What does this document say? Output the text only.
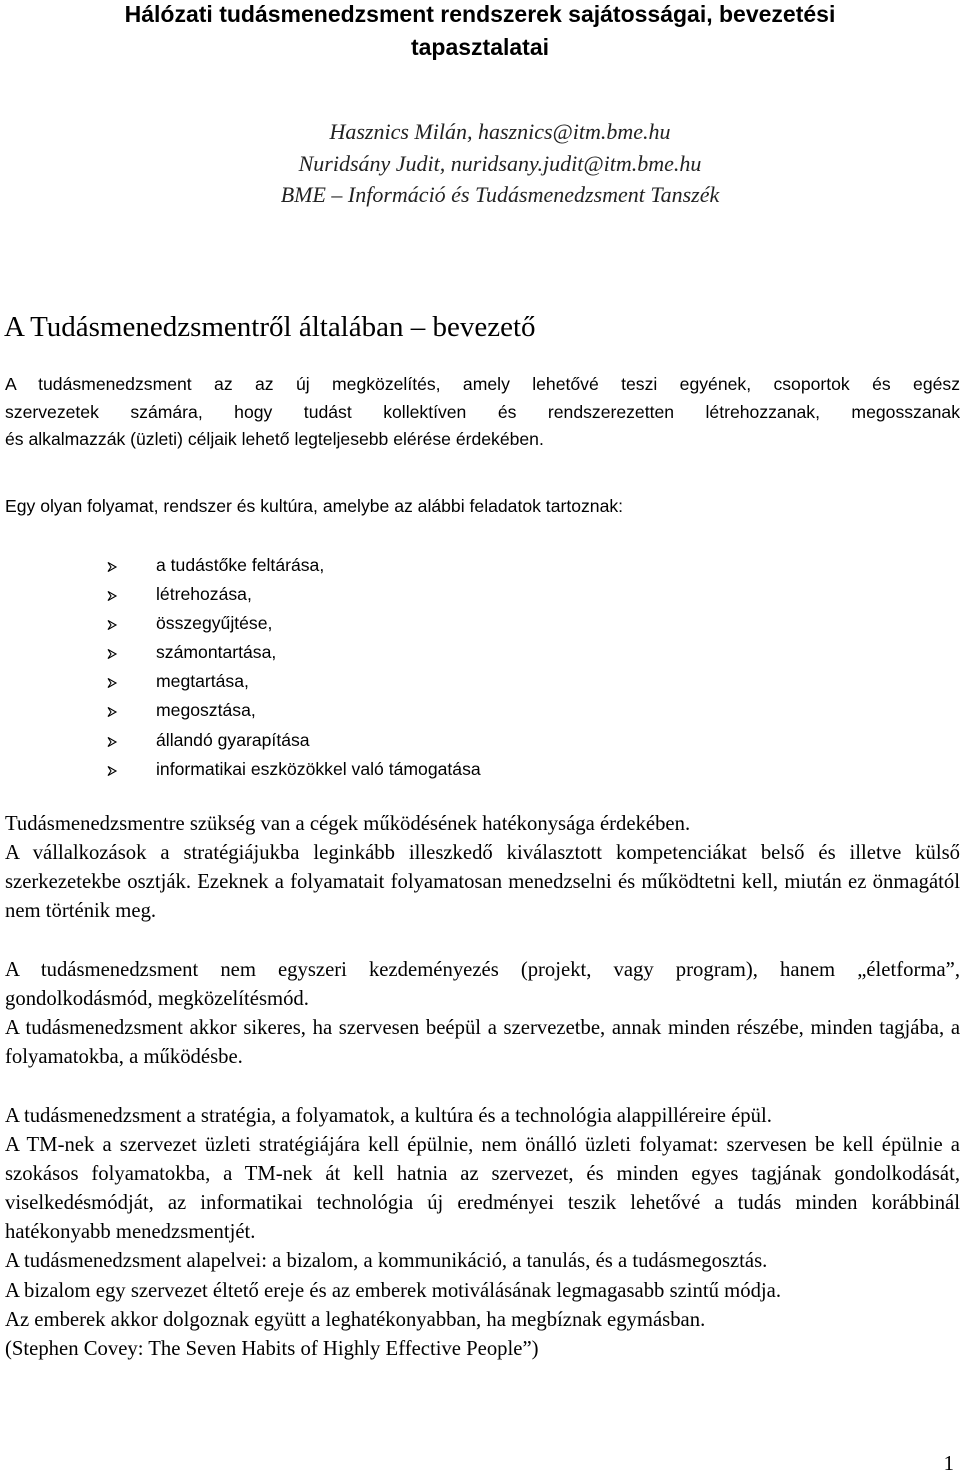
Hálózati tudásmenedzsment rendszerek sajátosságai, bevezetési
tapasztalatai
Hasznics Milán, hasznics@itm.bme.hu
Nuridsány Judit, nuridsany.judit@itm.bme.hu
BME – Információ és Tudásmenedzsment Tanszék
A Tudásmenedzsmentről általában – bevezető
A tudásmenedzsment az az új megközelítés, amely lehetővé teszi egyének, csoportok és egész
szervezetek számára, hogy tudást kollektíven és rendszerezetten létrehozzanak, megosszanak
és alkalmazzák (üzleti) céljaik lehető legteljesebb elérése érdekében.
Egy olyan folyamat, rendszer és kultúra, amelybe az alábbi feladatok tartoznak:
a tudástőke feltárása,
létrehozása,
összegyűjtése,
számontartása,
megtartása,
megosztása,
állandó gyarapítása
informatikai eszközökkel való támogatása

Tudásmenedzsmentre szükség van a cégek működésének hatékonysága érdekében.

A vállalkozások a stratégiájukba leginkább illeszkedő kiválasztott kompetenciákat belső és illetve külső szerkezetekbe osztják. Ezeknek a folyamatait folyamatosan menedzselni és működtetni kell, miután ez önmagától nem történik meg.

A tudásmenedzsment nem egyszeri kezdeményezés (projekt, vagy program), hanem „életforma”, gondolkodásmód, megközelítésmód.

A tudásmenedzsment akkor sikeres, ha szervesen beépül a szervezetbe, annak minden részébe, minden tagjába, a folyamatokba, a működésbe.

A tudásmenedzsment a stratégia, a folyamatok, a kultúra és a technológia alappilléreire épül.

A TM-nek a szervezet üzleti stratégiájára kell épülnie, nem önálló üzleti folyamat: szervesen be kell épülnie a szokásos folyamatokba, a TM-nek át kell hatnia az szervezet, és minden egyes tagjának gondolkodását, viselkedésmódját, az informatikai technológia új eredményei teszik lehetővé a tudás minden korábbinál hatékonyabb menedzsmentjét.

A tudásmenedzsment alapelvei: a bizalom, a kommunikáció, a tanulás, és a tudásmegosztás.

A bizalom egy szervezet éltető ereje és az emberek motiválásának legmagasabb szintű módja.

Az emberek akkor dolgoznak együtt a leghatékonyabban, ha megbíznak egymásban.

(Stephen Covey: The Seven Habits of Highly Effective People”)

1
